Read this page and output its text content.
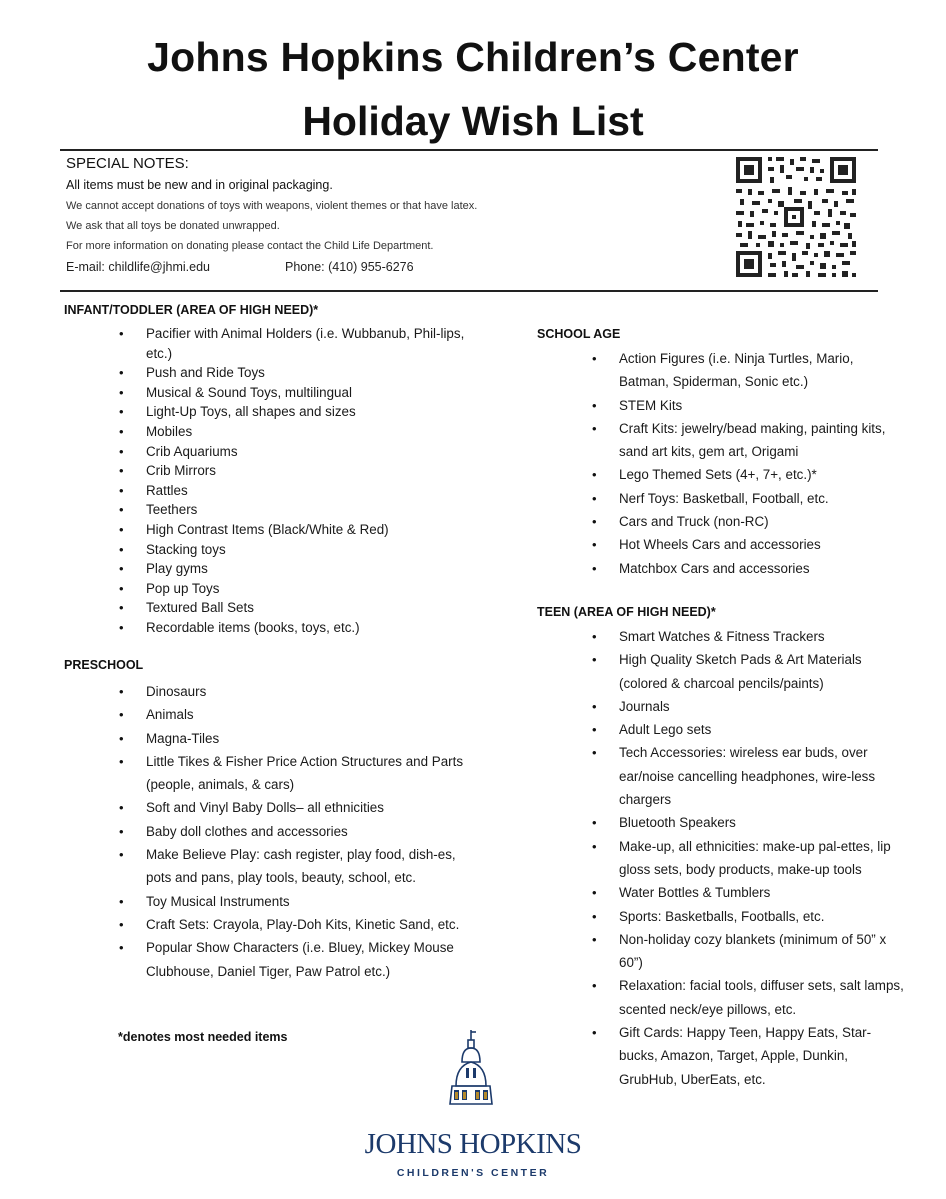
Johns Hopkins Children’s Center
Holiday Wish List
SPECIAL NOTES:
All items must be new and in original packaging.
We cannot accept donations of toys with weapons, violent themes or that have latex.
We ask that all toys be donated unwrapped.
For more information on donating please contact the Child Life Department.
E-mail: childlife@jhmi.edu	Phone: (410) 955-6276
INFANT/TODDLER (AREA OF HIGH NEED)*
• Pacifier with Animal Holders (i.e. Wubbanub, Phil-lips, etc.)
• Push and Ride Toys
• Musical & Sound Toys, multilingual
• Light-Up Toys, all shapes and sizes
• Mobiles
• Crib Aquariums
• Crib Mirrors
• Rattles
• Teethers
• High Contrast Items (Black/White & Red)
• Stacking toys
• Play gyms
• Pop up Toys
• Textured Ball Sets
• Recordable items (books, toys, etc.)
PRESCHOOL
• Dinosaurs
• Animals
• Magna-Tiles
• Little Tikes & Fisher Price Action Structures and Parts (people, animals, & cars)
• Soft and Vinyl Baby Dolls– all ethnicities
• Baby doll clothes and accessories
• Make Believe Play: cash register, play food, dish-es, pots and pans, play tools, beauty, school, etc.
• Toy Musical Instruments
• Craft Sets: Crayola, Play-Doh Kits, Kinetic Sand, etc.
• Popular Show Characters (i.e. Bluey, Mickey Mouse Clubhouse, Daniel Tiger, Paw Patrol etc.)
SCHOOL AGE
• Action Figures (i.e. Ninja Turtles, Mario, Batman, Spiderman, Sonic etc.)
• STEM Kits
• Craft Kits: jewelry/bead making, painting kits, sand art kits, gem art, Origami
• Lego Themed Sets (4+, 7+, etc.)*
• Nerf Toys: Basketball, Football, etc.
• Cars and Truck (non-RC)
• Hot Wheels Cars and accessories
• Matchbox Cars and accessories
TEEN (AREA OF HIGH NEED)*
• Smart Watches & Fitness Trackers
• High Quality Sketch Pads & Art Materials (colored & charcoal pencils/paints)
• Journals
• Adult Lego sets
• Tech Accessories: wireless ear buds, over ear/noise cancelling headphones, wire-less chargers
• Bluetooth Speakers
• Make-up, all ethnicities: make-up pal-ettes, lip gloss sets, body products, make-up tools
• Water Bottles & Tumblers
• Sports: Basketballs, Footballs, etc.
• Non-holiday cozy blankets (minimum of 50” x 60”)
• Relaxation: facial tools, diffuser sets, salt lamps, scented neck/eye pillows, etc.
• Gift Cards: Happy Teen, Happy Eats, Star-bucks, Amazon, Target, Apple, Dunkin, GrubHub, UberEats, etc.
*denotes most needed items
JOHNS HOPKINS
CHILDREN'S CENTER
